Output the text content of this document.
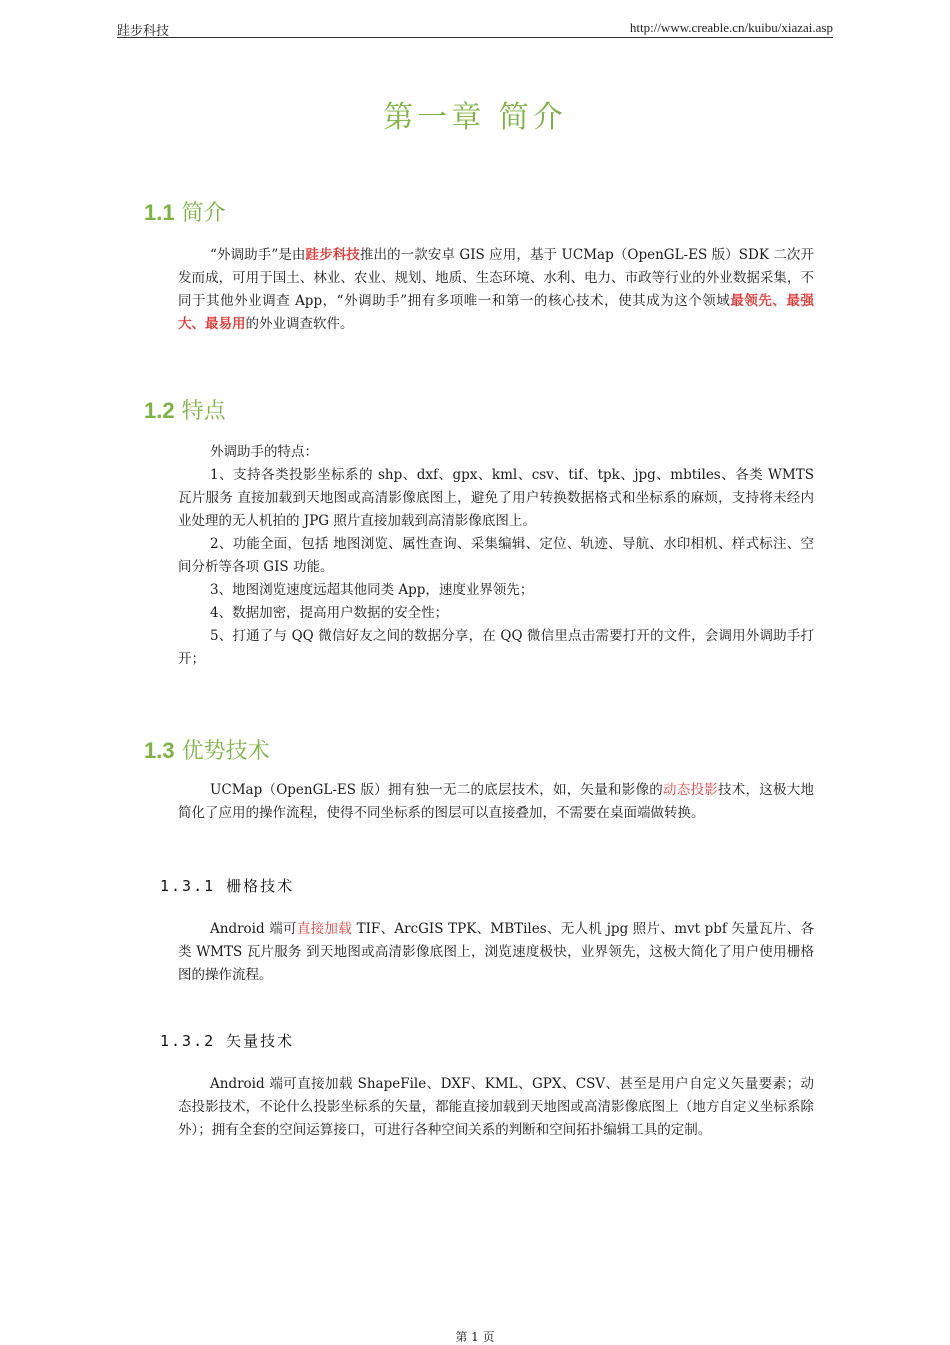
跬步科技	http://www.creable.cn/kuibu/xiazai.asp
第一章 简介
1.1 简介

“外调助手”是由跬步科技推出的一款安卓 GIS 应用，基于 UCMap（OpenGL-ES 版）SDK 二次开发而成，可用于国土、林业、农业、规划、地质、生态环境、水利、电力、市政等行业的外业数据采集，不同于其他外业调查 App，“外调助手”拥有多项唯一和第一的核心技术，使其成为这个领域最领先、最强大、最易用的外业调查软件。

1.2 特点

外调助手的特点：

1、支持各类投影坐标系的 shp、dxf、gpx、kml、csv、tif、tpk、jpg、mbtiles、各类 WMTS 瓦片服务 直接加载到天地图或高清影像底图上，避免了用户转换数据格式和坐标系的麻烦，支持将未经内业处理的无人机拍的 JPG 照片直接加载到高清影像底图上。

2、功能全面，包括 地图浏览、属性查询、采集编辑、定位、轨迹、导航、水印相机、样式标注、空间分析等各项 GIS 功能。

3、地图浏览速度远超其他同类 App，速度业界领先；

4、数据加密，提高用户数据的安全性；

5、打通了与 QQ 微信好友之间的数据分享，在 QQ 微信里点击需要打开的文件，会调用外调助手打开；

1.3 优势技术

UCMap（OpenGL-ES 版）拥有独一无二的底层技术，如，矢量和影像的动态投影技术，这极大地简化了应用的操作流程，使得不同坐标系的图层可以直接叠加，不需要在桌面端做转换。

1.3.1 栅格技术

Android 端可直接加载 TIF、ArcGIS TPK、MBTiles、无人机 jpg 照片、mvt pbf 矢量瓦片、各类 WMTS 瓦片服务 到天地图或高清影像底图上，浏览速度极快，业界领先，这极大简化了用户使用栅格图的操作流程。

1.3.2 矢量技术

Android 端可直接加载 ShapeFile、DXF、KML、GPX、CSV、甚至是用户自定义矢量要素；动态投影技术，不论什么投影坐标系的矢量，都能直接加载到天地图或高清影像底图上（地方自定义坐标系除外）；拥有全套的空间运算接口，可进行各种空间关系的判断和空间拓扑编辑工具的定制。

第 1 页
